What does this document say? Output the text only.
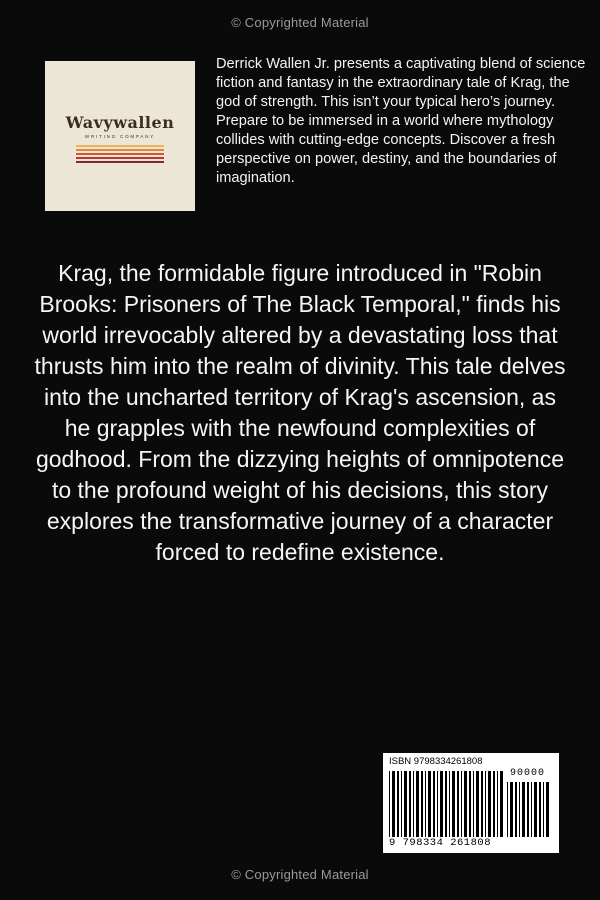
© Copyrighted Material
Wavywallen
WRITING COMPANY
Derrick Wallen Jr. presents a captivating blend of science fiction and fantasy in the extraordinary tale of Krag, the god of strength. This isn’t your typical hero’s journey. Prepare to be immersed in a world where mythology collides with cutting-edge concepts. Discover a fresh perspective on power, destiny, and the boundaries of imagination.
Krag, the formidable figure introduced in "Robin Brooks: Prisoners of The Black Temporal," finds his world irrevocably altered by a devastating loss that thrusts him into the realm of divinity. This tale delves into the uncharted territory of Krag's ascension, as he grapples with the newfound complexities of godhood. From the dizzying heights of omnipotence to the profound weight of his decisions, this story explores the transformative journey of a character forced to redefine existence.
ISBN 9798334261808
90000
9 798334 261808
© Copyrighted Material
